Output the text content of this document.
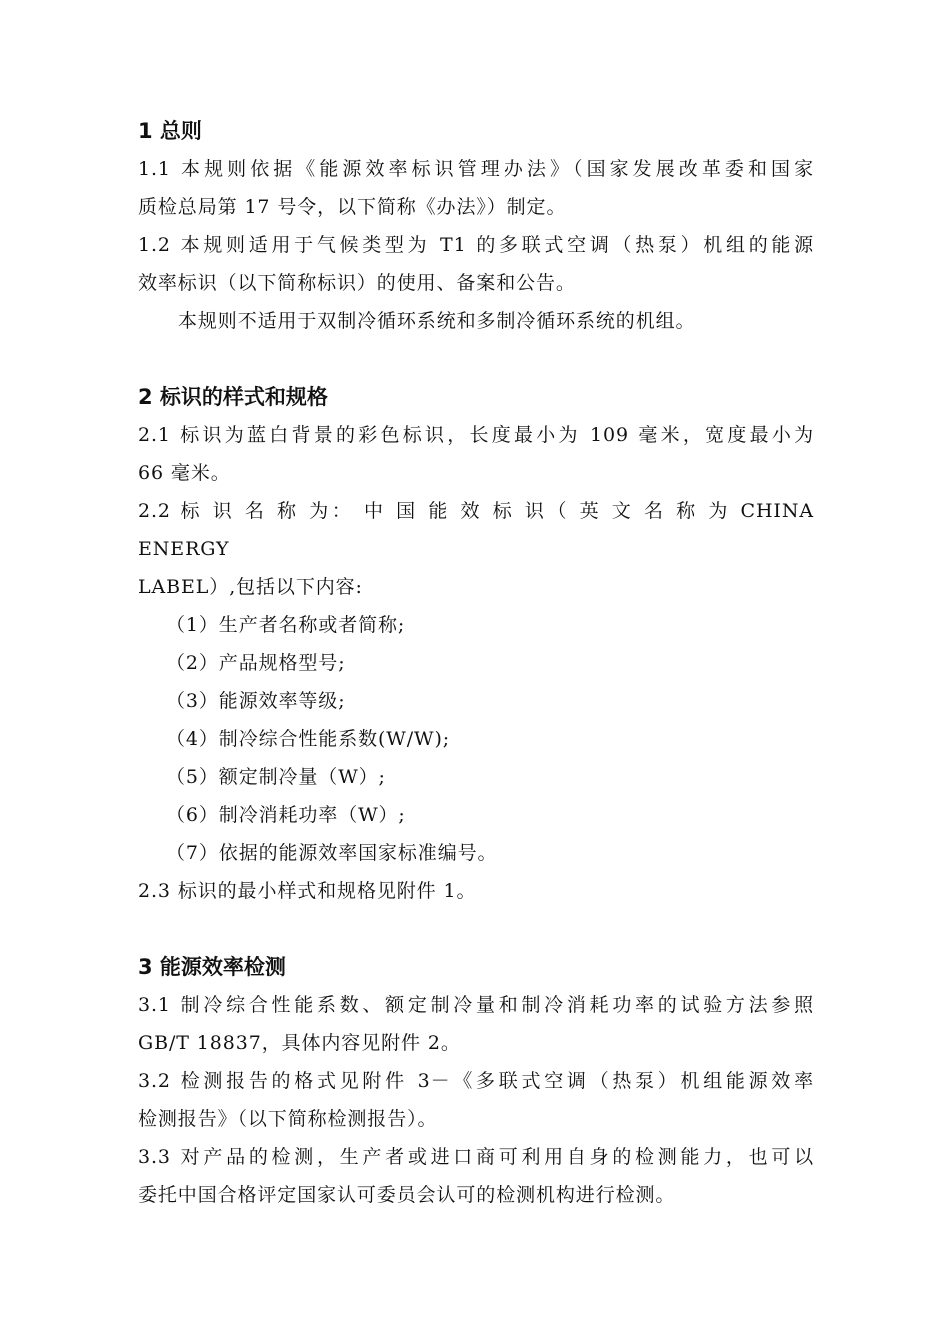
1 总则
1.1 本规则依据《能源效率标识管理办法》（国家发展改革委和国家
质检总局第 17 号令，以下简称《办法》）制定。
1.2 本规则适用于气候类型为 T1 的多联式空调（热泵）机组的能源
效率标识（以下简称标识）的使用、备案和公告。
本规则不适用于双制冷循环系统和多制冷循环系统的机组。
2 标识的样式和规格
2.1 标识为蓝白背景的彩色标识，长度最小为 109 毫米，宽度最小为
66 毫米。
2.2 标 识 名 称 为： 中 国 能 效 标 识（ 英 文 名 称 为 CHINA ENERGY
LABEL）,包括以下内容:
（1）生产者名称或者简称;
（2）产品规格型号;
（3）能源效率等级;
（4）制冷综合性能系数(W/W);
（5）额定制冷量（W）;
（6）制冷消耗功率（W）;
（7）依据的能源效率国家标准编号。
2.3 标识的最小样式和规格见附件 1。
3 能源效率检测
3.1 制冷综合性能系数、额定制冷量和制冷消耗功率的试验方法参照
GB/T 18837，具体内容见附件 2。
3.2 检测报告的格式见附件 3－《多联式空调（热泵）机组能源效率
检测报告》（以下简称检测报告）。
3.3 对产品的检测，生产者或进口商可利用自身的检测能力，也可以
委托中国合格评定国家认可委员会认可的检测机构进行检测。
